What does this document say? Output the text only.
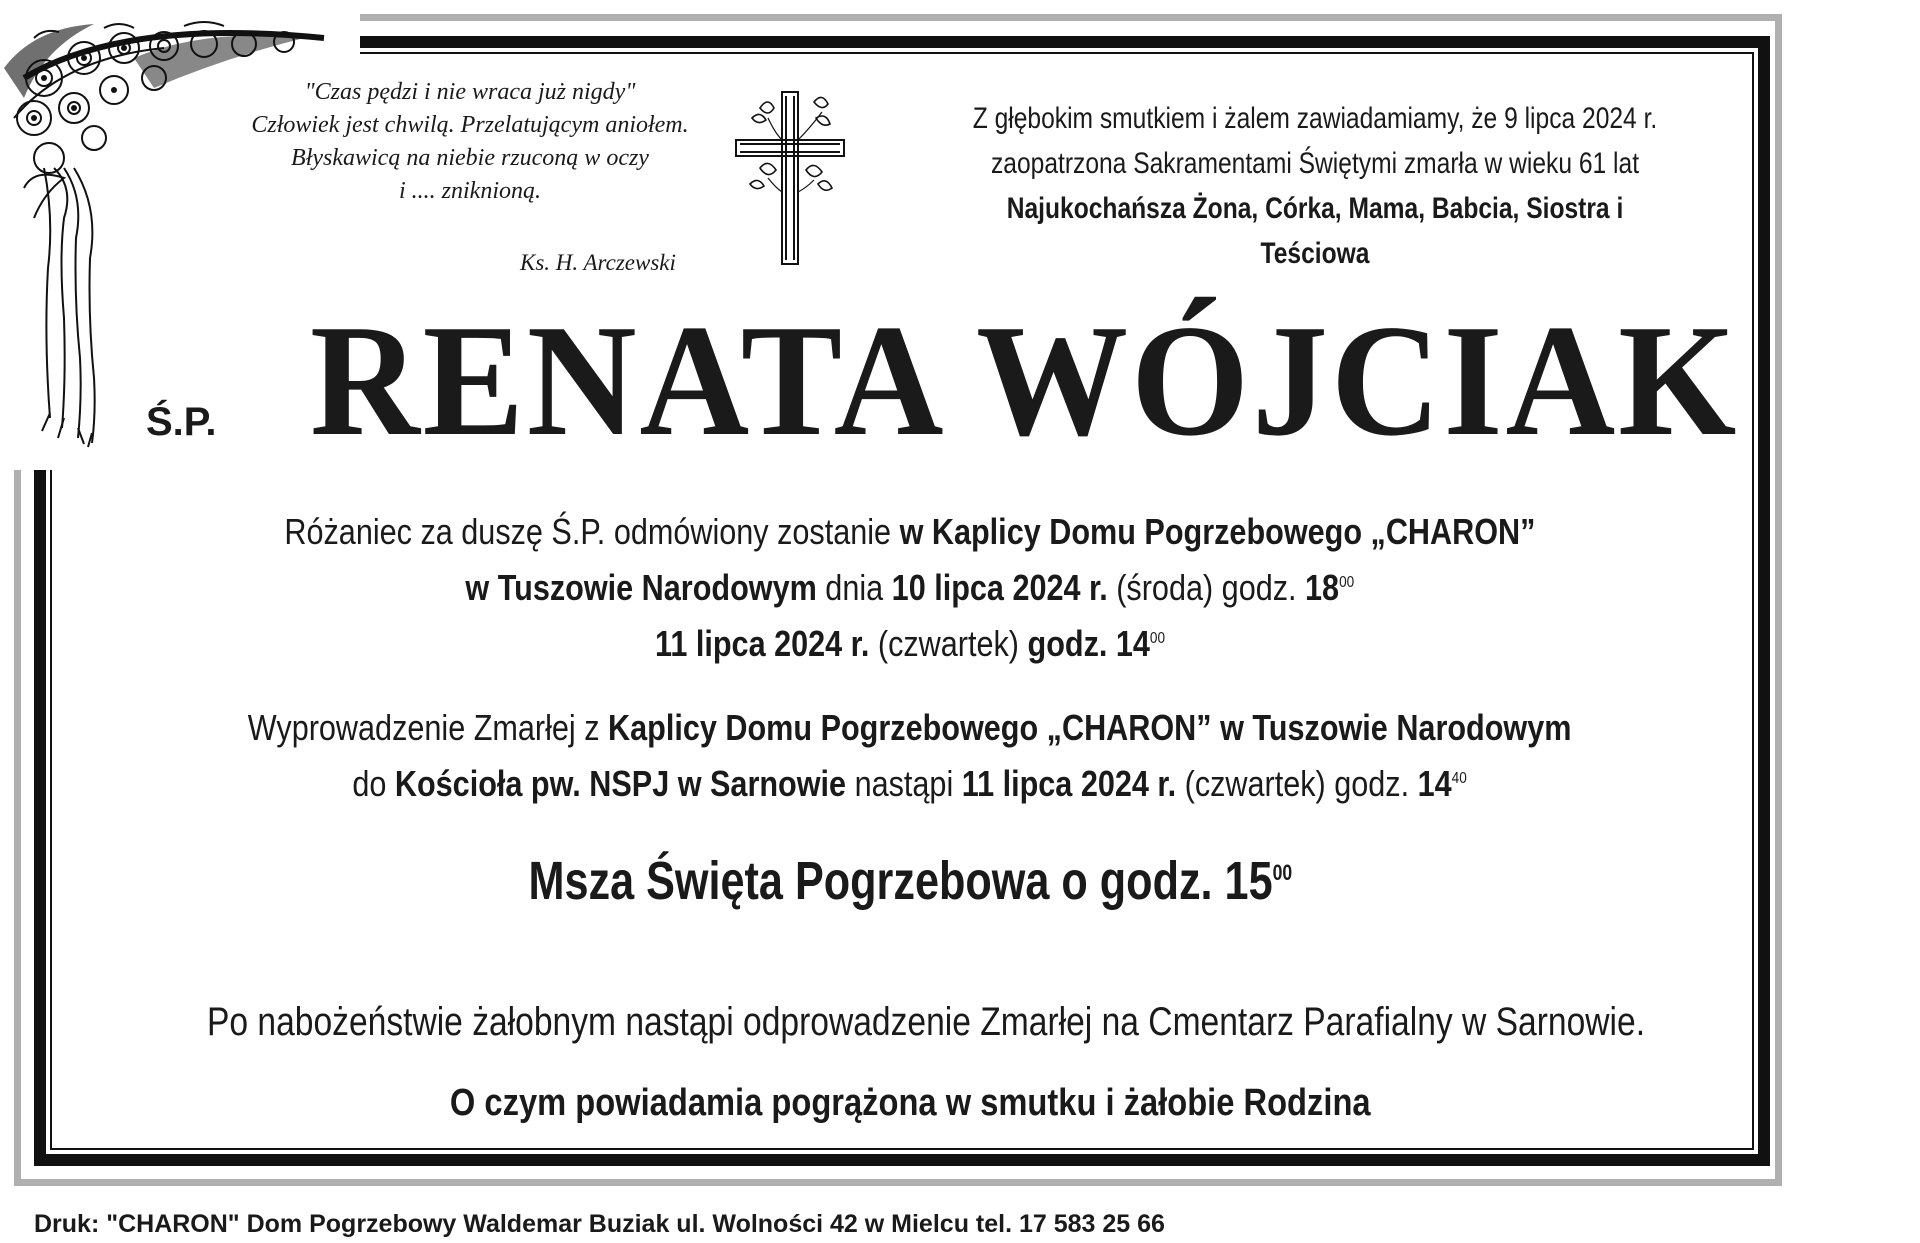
"Czas pędzi i nie wraca już nigdy"
Człowiek jest chwilą. Przelatującym aniołem.
Błyskawicą na niebie rzuconą w oczy
i .... zniknioną.
Ks. H. Arczewski
Z głębokim smutkiem i żalem zawiadamiamy, że 9 lipca 2024 r.
zaopatrzona Sakramentami Świętymi zmarła w wieku 61 lat
Najukochańsza Żona, Córka, Mama, Babcia, Siostra i Teściowa
Ś.P. RENATA WÓJCIAK
Różaniec za duszę Ś.P. odmówiony zostanie w Kaplicy Domu Pogrzebowego „CHARON”
w Tuszowie Narodowym dnia 10 lipca 2024 r. (środa) godz. $18^{00}$
11 lipca 2024 r. (czwartek) godz. $14^{00}$
Wyprowadzenie Zmarłej z Kaplicy Domu Pogrzebowego „CHARON” w Tuszowie Narodowym
do Kościoła pw. NSPJ w Sarnowie nastąpi 11 lipca 2024 r. (czwartek) godz. $14^{40}$
Msza Święta Pogrzebowa o godz. $15^{00}$
Po nabożeństwie żałobnym nastąpi odprowadzenie Zmarłej na Cmentarz Parafialny w Sarnowie.
O czym powiadamia pogrążona w smutku i żałobie Rodzina
Druk: "CHARON" Dom Pogrzebowy Waldemar Buziak ul. Wolności 42 w Mielcu tel. 17 583 25 66
